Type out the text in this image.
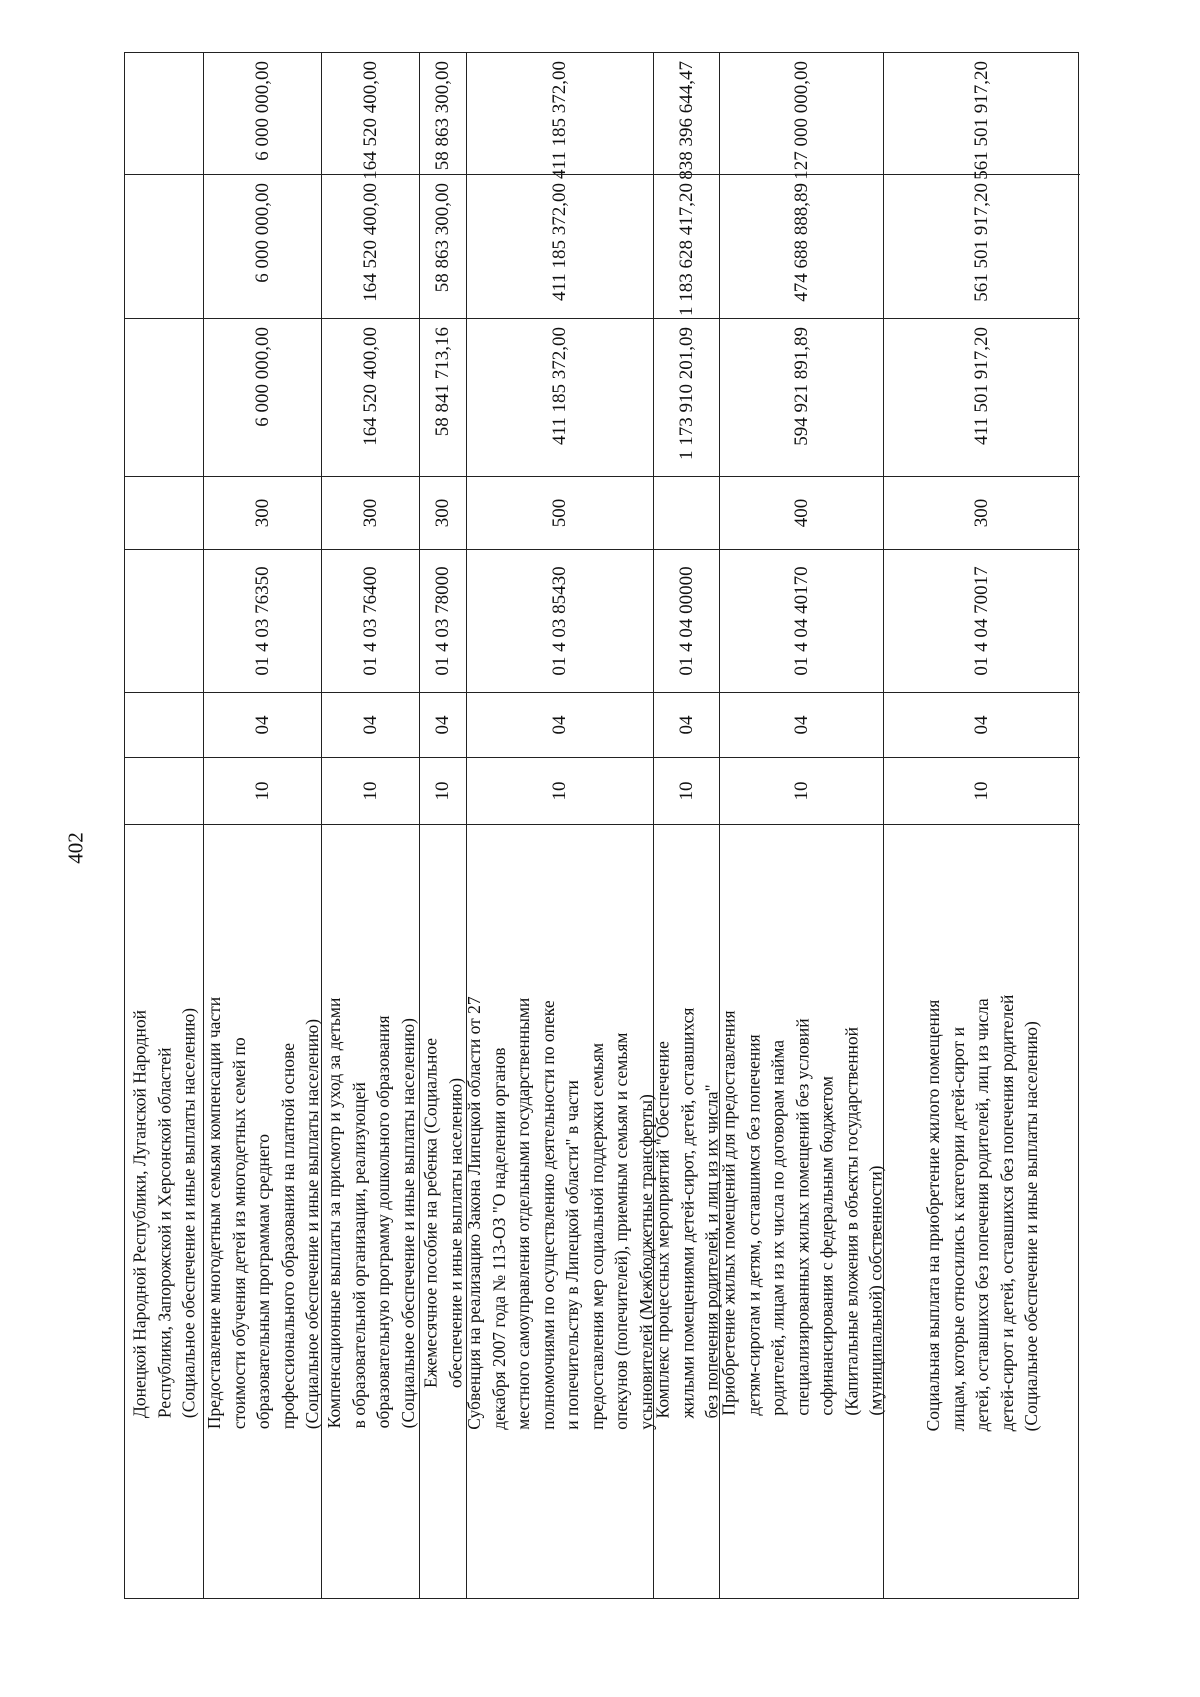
402
Донецкой Народной Республики, Луганской Народной
Республики, Запорожской и Херсонской областей
(Социальное обеспечение и иные выплаты населению)
Предоставление многодетным семьям компенсации части
стоимости обучения детей из многодетных семей по
образовательным программам среднего
профессионального образования на платной основе
(Социальное обеспечение и иные выплаты населению)
10
04
01 4 03 76350
300
6 000 000,00
6 000 000,00
6 000 000,00
Компенсационные выплаты за присмотр и уход за детьми
в образовательной организации, реализующей
образовательную программу дошкольного образования
(Социальное обеспечение и иные выплаты населению)
10
04
01 4 03 76400
300
164 520 400,00
164 520 400,00
164 520 400,00
Ежемесячное пособие на ребенка (Социальное
обеспечение и иные выплаты населению)
10
04
01 4 03 78000
300
58 841 713,16
58 863 300,00
58 863 300,00
Субвенция на реализацию Закона Липецкой области от 27
декабря 2007 года № 113-ОЗ "О наделении органов
местного самоуправления отдельными государственными
полномочиями по осуществлению деятельности по опеке
и попечительству в Липецкой области" в части
предоставления мер социальной поддержки семьям
опекунов (попечителей), приемным семьям и семьям
усыновителей (Межбюджетные трансферты)
10
04
01 4 03 85430
500
411 185 372,00
411 185 372,00
411 185 372,00
Комплекс процессных мероприятий "Обеспечение
жилыми помещениями детей-сирот, детей, оставшихся
без попечения родителей, и лиц из их числа"
10
04
01 4 04 00000
1 173 910 201,09
1 183 628 417,20
838 396 644,47
Приобретение жилых помещений для предоставления
детям-сиротам и детям, оставшимся без попечения
родителей, лицам из их числа по договорам найма
специализированных жилых помещений без условий
софинансирования с федеральным бюджетом
(Капитальные вложения в объекты государственной
(муниципальной) собственности)
10
04
01 4 04 40170
400
594 921 891,89
474 688 888,89
127 000 000,00
Социальная выплата на приобретение жилого помещения
лицам, которые относились к категории детей-сирот и
детей, оставшихся без попечения родителей, лиц из числа
детей-сирот и детей, оставшихся без попечения родителей
(Социальное обеспечение и иные выплаты населению)
10
04
01 4 04 70017
300
411 501 917,20
561 501 917,20
561 501 917,20
